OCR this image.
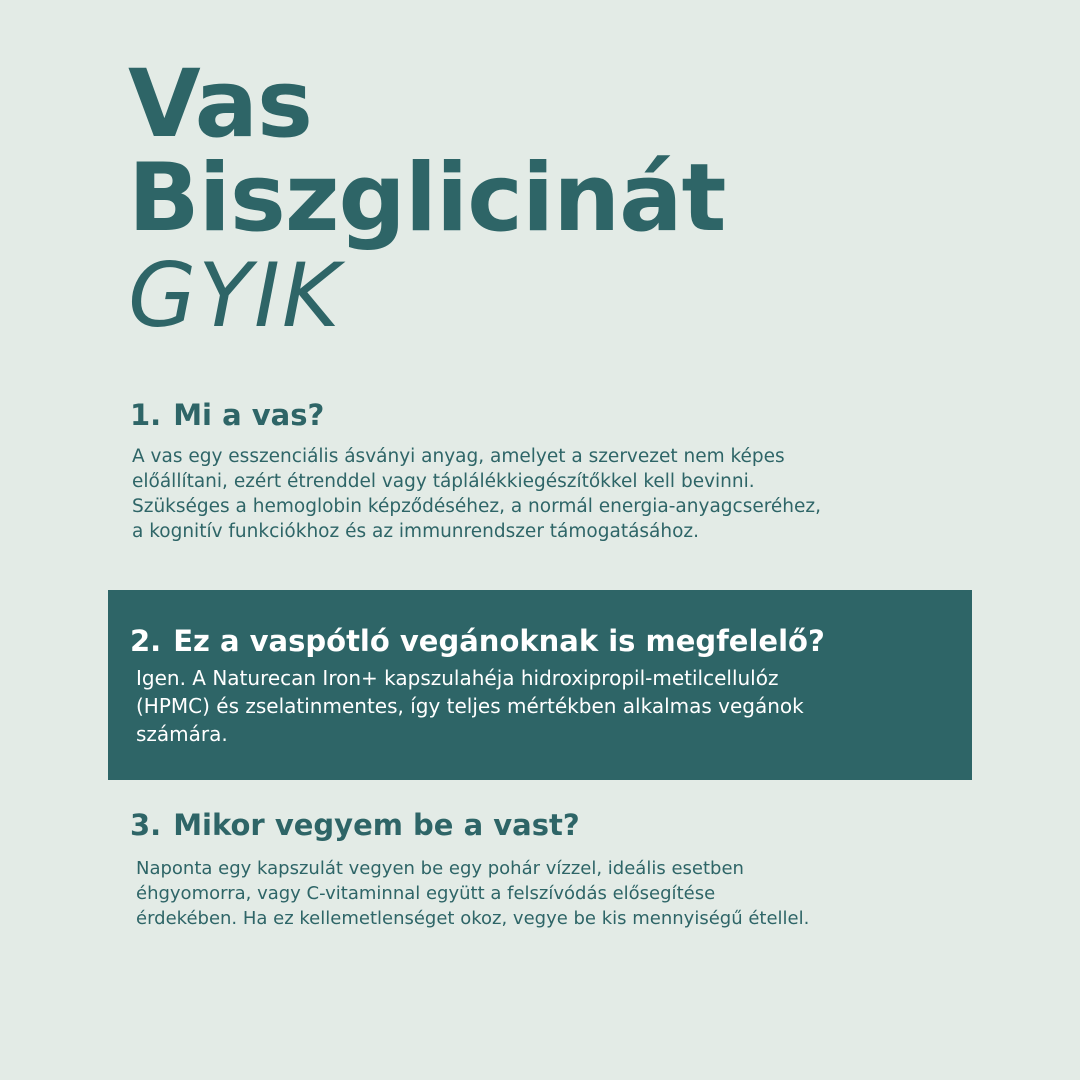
Vas
Biszglicinát
GYIK
1. Mi a vas?
A vas egy esszenciális ásványi anyag, amelyet a szervezet nem képes
előállítani, ezért étrenddel vagy táplálékkiegészítőkkel kell bevinni.
Szükséges a hemoglobin képződéséhez, a normál energia-anyagcseréhez,
a kognitív funkciókhoz és az immunrendszer támogatásához.
2. Ez a vaspótló vegánoknak is megfelelő?
Igen. A Naturecan Iron+ kapszulahéja hidroxipropil-metilcellulóz
(HPMC) és zselatinmentes, így teljes mértékben alkalmas vegánok
számára.
3. Mikor vegyem be a vast?
Naponta egy kapszulát vegyen be egy pohár vízzel, ideális esetben
éhgyomorra, vagy C-vitaminnal együtt a felszívódás elősegítése
érdekében. Ha ez kellemetlenséget okoz, vegye be kis mennyiségű étellel.
